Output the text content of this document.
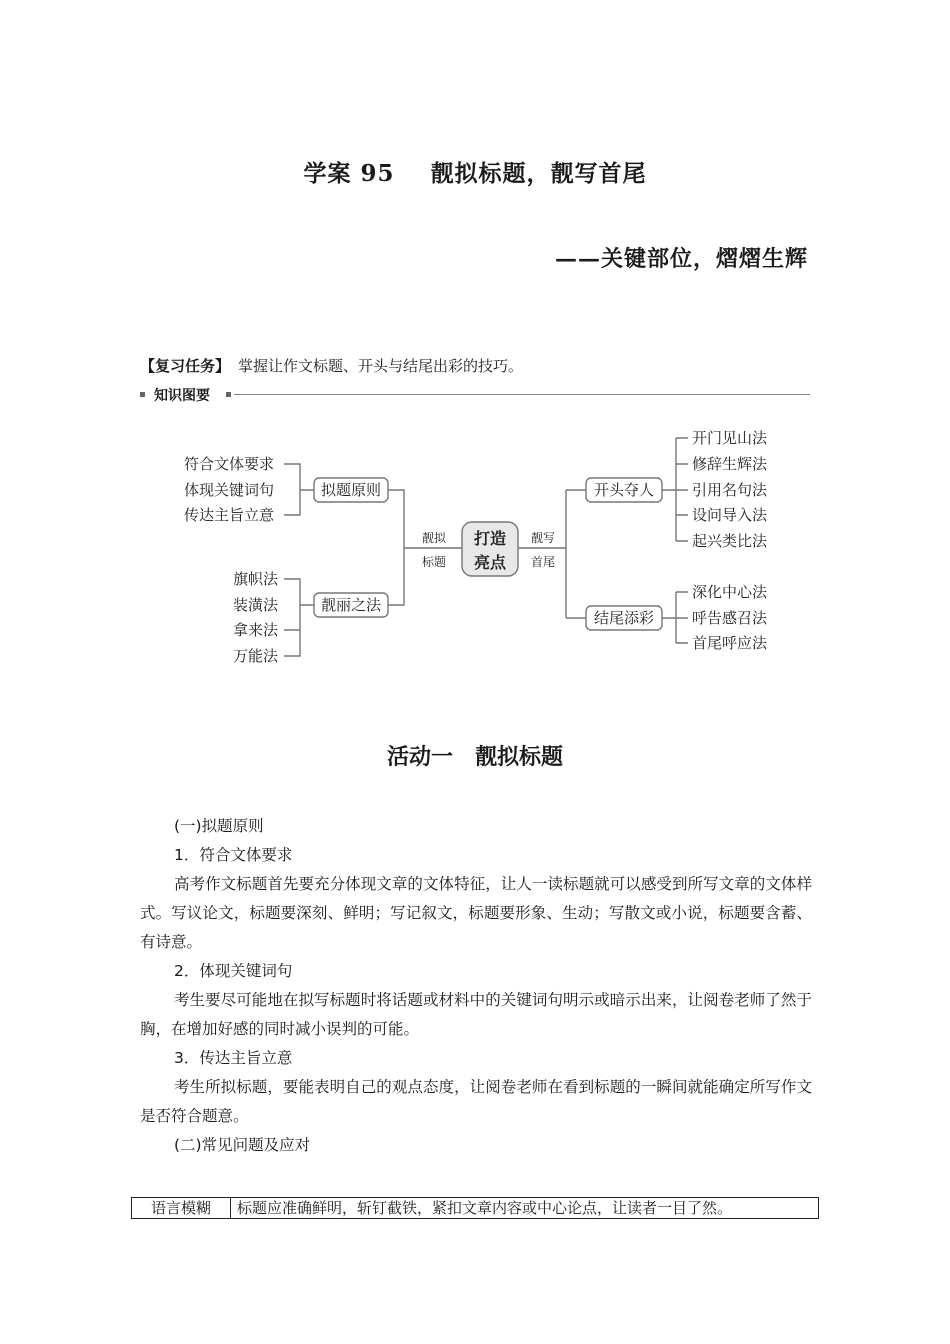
学案 95 靓拟标题，靓写首尾
——关键部位，熠熠生辉
【复习任务】 掌握让作文标题、开头与结尾出彩的技巧。
知识图要
符合文体要求
体现关键词句
传达主旨立意
旗帜法
装潢法
拿来法
万能法
拟题原则
靓丽之法
靓拟
标题
靓写
首尾
打造
亮点
开头夺人
结尾添彩
开门见山法
修辞生辉法
引用名句法
设问导入法
起兴类比法
深化中心法
呼告感召法
首尾呼应法
活动一 靓拟标题

(一)拟题原则

1．符合文体要求

高考作文标题首先要充分体现文章的文体特征，让人一读标题就可以感受到所写文章的文体样式。写议论文，标题要深刻、鲜明；写记叙文，标题要形象、生动；写散文或小说，标题要含蓄、有诗意。

2．体现关键词句

考生要尽可能地在拟写标题时将话题或材料中的关键词句明示或暗示出来，让阅卷老师了然于胸，在增加好感的同时减小误判的可能。

3．传达主旨立意

考生所拟标题，要能表明自己的观点态度，让阅卷老师在看到标题的一瞬间就能确定所写作文是否符合题意。

(二)常见问题及应对

语言模糊	标题应准确鲜明，斩钉截铁，紧扣文章内容或中心论点，让读者一目了然。
